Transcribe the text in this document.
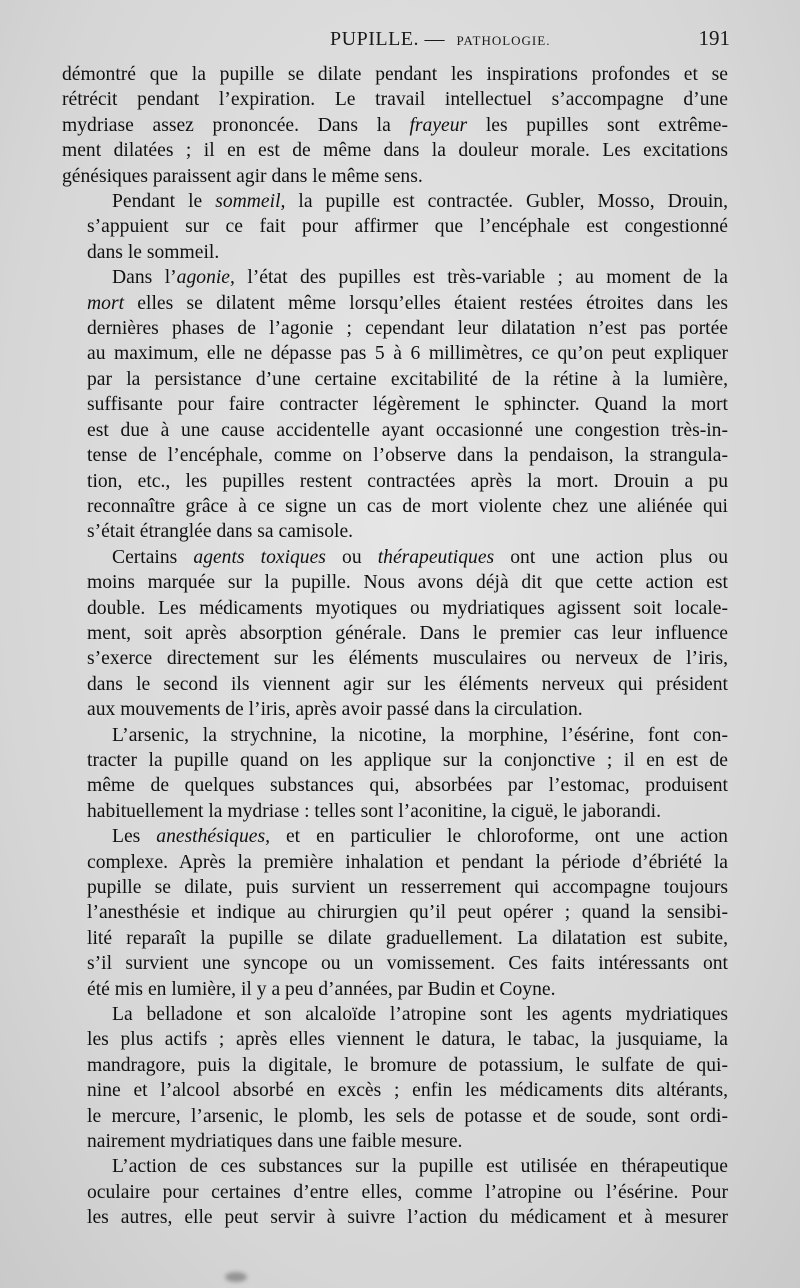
PUPILLE. — PATHOLOGIE.	191
démontré que la pupille se dilate pendant les inspirations profondes et se
rétrécit pendant l’expiration. Le travail intellectuel s’accompagne d’une
mydriase assez prononcée. Dans la frayeur les pupilles sont extrême-
ment dilatées ; il en est de même dans la douleur morale. Les excitations
génésiques paraissent agir dans le même sens.
Pendant le sommeil, la pupille est contractée. Gubler, Mosso, Drouin,
s’appuient sur ce fait pour affirmer que l’encéphale est congestionné
dans le sommeil.
Dans l’agonie, l’état des pupilles est très-variable ; au moment de la
mort elles se dilatent même lorsqu’elles étaient restées étroites dans les
dernières phases de l’agonie ; cependant leur dilatation n’est pas portée
au maximum, elle ne dépasse pas 5 à 6 millimètres, ce qu’on peut expliquer
par la persistance d’une certaine excitabilité de la rétine à la lumière,
suffisante pour faire contracter légèrement le sphincter. Quand la mort
est due à une cause accidentelle ayant occasionné une congestion très-in-
tense de l’encéphale, comme on l’observe dans la pendaison, la strangula-
tion, etc., les pupilles restent contractées après la mort. Drouin a pu
reconnaître grâce à ce signe un cas de mort violente chez une aliénée qui
s’était étranglée dans sa camisole.
Certains agents toxiques ou thérapeutiques ont une action plus ou
moins marquée sur la pupille. Nous avons déjà dit que cette action est
double. Les médicaments myotiques ou mydriatiques agissent soit locale-
ment, soit après absorption générale. Dans le premier cas leur influence
s’exerce directement sur les éléments musculaires ou nerveux de l’iris,
dans le second ils viennent agir sur les éléments nerveux qui président
aux mouvements de l’iris, après avoir passé dans la circulation.
L’arsenic, la strychnine, la nicotine, la morphine, l’ésérine, font con-
tracter la pupille quand on les applique sur la conjonctive ; il en est de
même de quelques substances qui, absorbées par l’estomac, produisent
habituellement la mydriase : telles sont l’aconitine, la ciguë, le jaborandi.
Les anesthésiques, et en particulier le chloroforme, ont une action
complexe. Après la première inhalation et pendant la période d’ébriété la
pupille se dilate, puis survient un resserrement qui accompagne toujours
l’anesthésie et indique au chirurgien qu’il peut opérer ; quand la sensibi-
lité reparaît la pupille se dilate graduellement. La dilatation est subite,
s’il survient une syncope ou un vomissement. Ces faits intéressants ont
été mis en lumière, il y a peu d’années, par Budin et Coyne.
La belladone et son alcaloïde l’atropine sont les agents mydriatiques
les plus actifs ; après elles viennent le datura, le tabac, la jusquiame, la
mandragore, puis la digitale, le bromure de potassium, le sulfate de qui-
nine et l’alcool absorbé en excès ; enfin les médicaments dits altérants,
le mercure, l’arsenic, le plomb, les sels de potasse et de soude, sont ordi-
nairement mydriatiques dans une faible mesure.
L’action de ces substances sur la pupille est utilisée en thérapeutique
oculaire pour certaines d’entre elles, comme l’atropine ou l’ésérine. Pour
les autres, elle peut servir à suivre l’action du médicament et à mesurer
